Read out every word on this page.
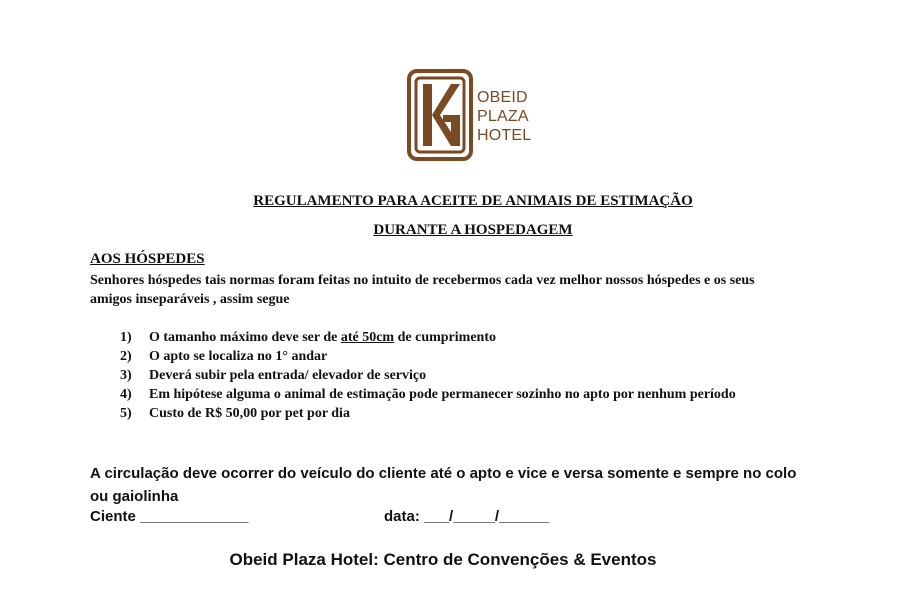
OBEID
PLAZA
HOTEL
REGULAMENTO PARA ACEITE DE ANIMAIS DE ESTIMAÇÃO
DURANTE A HOSPEDAGEM
AOS HÓSPEDES
Senhores hóspedes tais normas foram feitas no intuito de recebermos cada vez melhor nossos hóspedes e os seus amigos inseparáveis , assim segue
1)	O tamanho máximo deve ser de até 50cm de cumprimento
2)	O apto se localiza no 1° andar
3)	Deverá subir pela entrada/ elevador de serviço
4)	Em hipótese alguma o animal de estimação pode permanecer sozinho no apto por nenhum período
5)	Custo de R$ 50,00 por pet por dia
A circulação deve ocorrer do veículo do cliente até o apto e vice e versa somente e sempre no colo ou gaiolinha
Ciente _____________	data: ___/_____/______
Obeid Plaza Hotel: Centro de Convenções & Eventos
